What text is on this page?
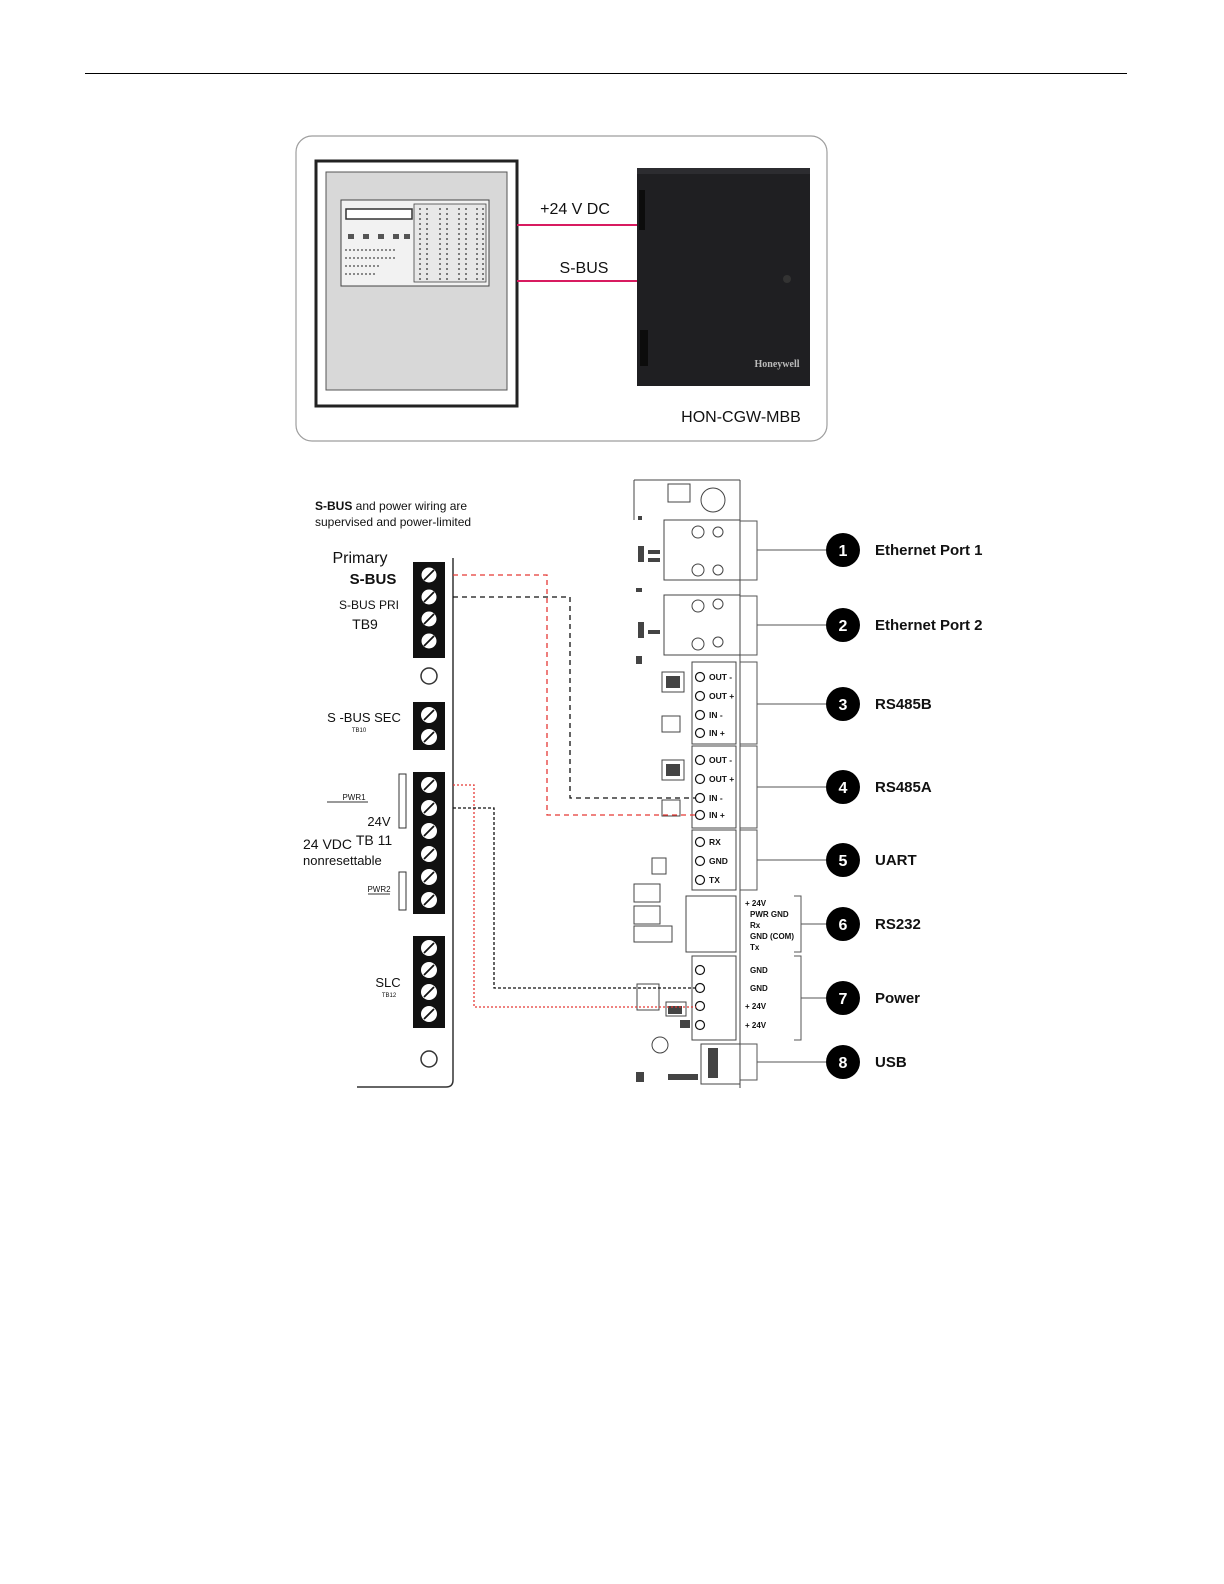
+24 V DC
S-BUS
Honeywell
HON-CGW-MBB
S-BUS and power wiring are
supervised and power-limited
Primary
S-BUS
S-BUS PRI
TB9
S -BUS SEC
TB10
PWR1
24V
TB 11
24 VDC
nonresettable
PWR2
SLC
TB12
OUT -
OUT +
IN -
IN +
OUT -
OUT +
IN -
IN +
RX
GND
TX
+ 24V
PWR GND
Rx
GND (COM)
Tx
GND
GND
+ 24V
+ 24V
1 Ethernet Port 1
2 Ethernet Port 2
3 RS485B
4 RS485A
5 UART
6 RS232
7 Power
8 USB
